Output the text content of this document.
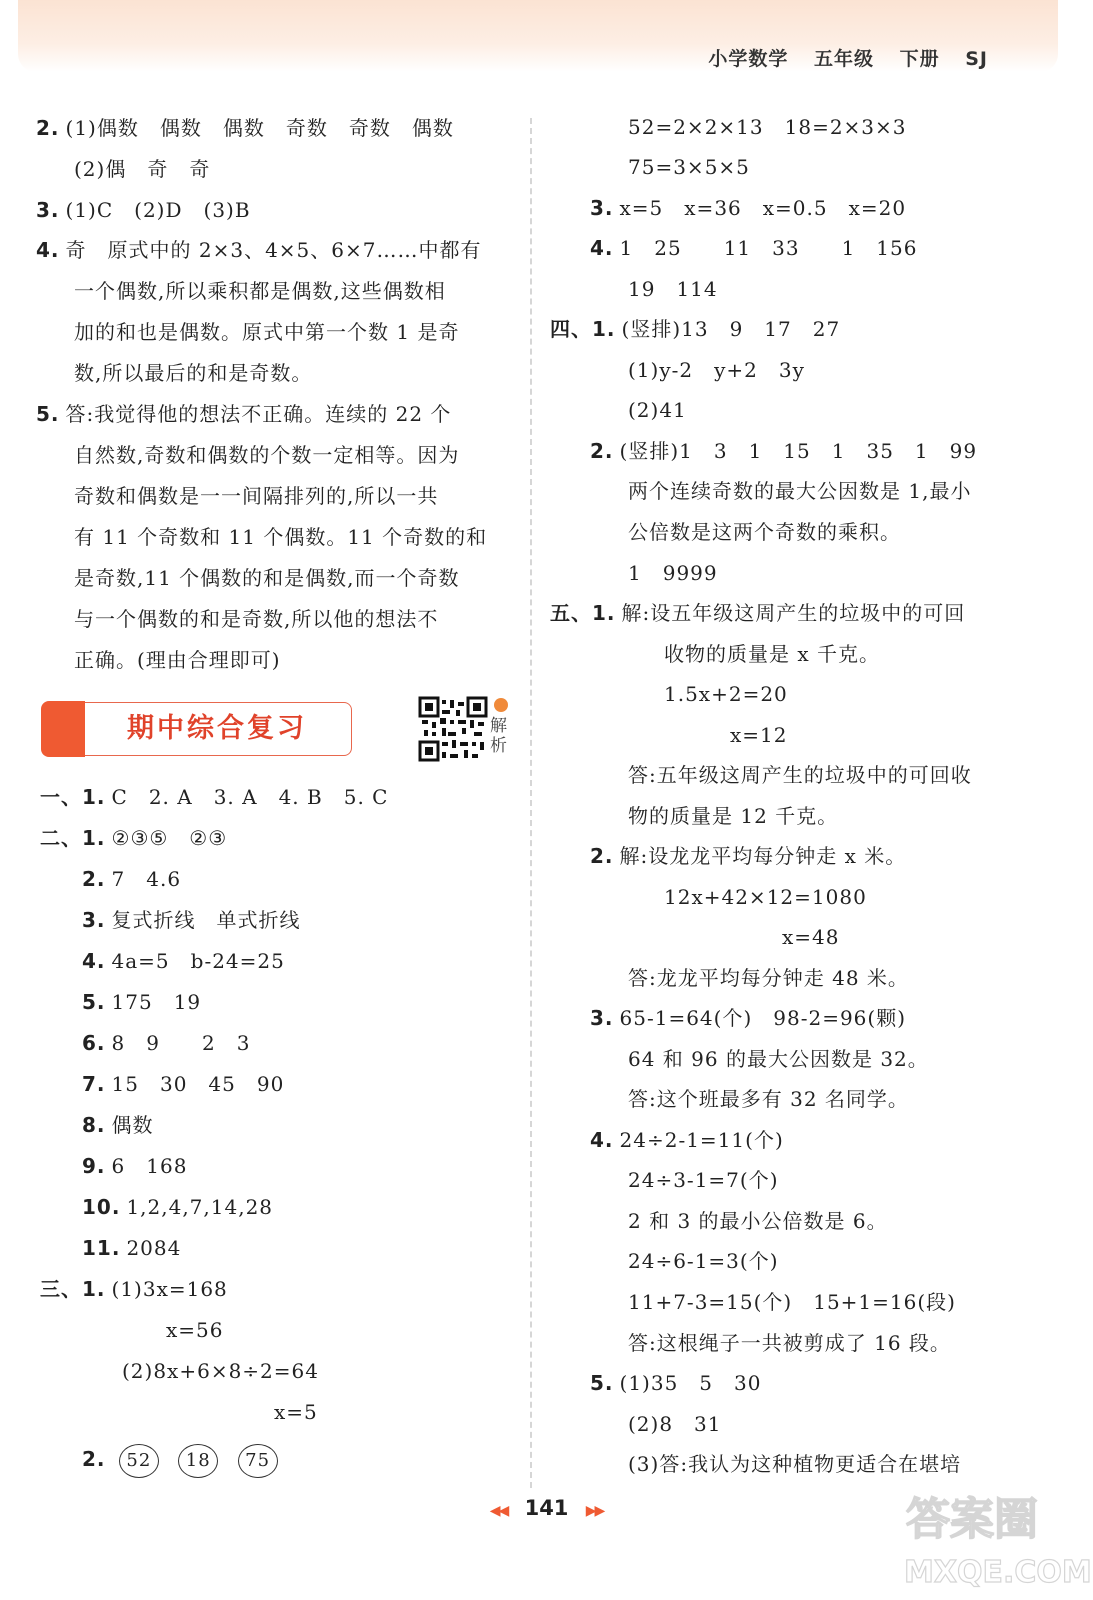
小学数学 五年级 下册 SJ
2. (1)偶数　偶数　偶数　奇数　奇数　偶数
(2)偶　奇　奇
3. (1)C　(2)D　(3)B
4. 奇　原式中的 2×3、4×5、6×7……中都有
一个偶数,所以乘积都是偶数,这些偶数相
加的和也是偶数。原式中第一个数 1 是奇
数,所以最后的和是奇数。
5. 答:我觉得他的想法不正确。连续的 22 个
自然数,奇数和偶数的个数一定相等。因为
奇数和偶数是一一间隔排列的,所以一共
有 11 个奇数和 11 个偶数。11 个奇数的和
是奇数,11 个偶数的和是偶数,而一个奇数
与一个偶数的和是奇数,所以他的想法不
正确。(理由合理即可)
期中综合复习	解析
一、1. C　2. A　3. A　4. B　5. C
二、1. ②③⑤　②③
2. 7　4.6
3. 复式折线　单式折线
4. 4a=5　b-24=25
5. 175　19
6. 8　9　　2　3
7. 15　30　45　90
8. 偶数
9. 6　168
10. 1,2,4,7,14,28
11. 2084
三、1. (1)3x=168
x=56
(2)8x+6×8÷2=64
x=5
2. 52 18 75
52=2×2×13　18=2×3×3
75=3×5×5
3. x=5　x=36　x=0.5　x=20
4. 1　25　　11　33　　1　156
19　114
四、1. (竖排)13　9　17　27
(1)y-2　y+2　3y
(2)41
2. (竖排)1　3　1　15　1　35　1　99
两个连续奇数的最大公因数是 1,最小
公倍数是这两个奇数的乘积。
1　9999
五、1. 解:设五年级这周产生的垃圾中的可回
收物的质量是 x 千克。
1.5x+2=20
x=12
答:五年级这周产生的垃圾中的可回收
物的质量是 12 千克。
2. 解:设龙龙平均每分钟走 x 米。
12x+42×12=1080
x=48
答:龙龙平均每分钟走 48 米。
3. 65-1=64(个)　98-2=96(颗)
64 和 96 的最大公因数是 32。
答:这个班最多有 32 名同学。
4. 24÷2-1=11(个)
24÷3-1=7(个)
2 和 3 的最小公倍数是 6。
24÷6-1=3(个)
11+7-3=15(个)　15+1=16(段)
答:这根绳子一共被剪成了 16 段。
5. (1)35　5　30
(2)8　31
(3)答:我认为这种植物更适合在堪培
◀◀ 141 ▶▶	答案圈
MXQE.COM
